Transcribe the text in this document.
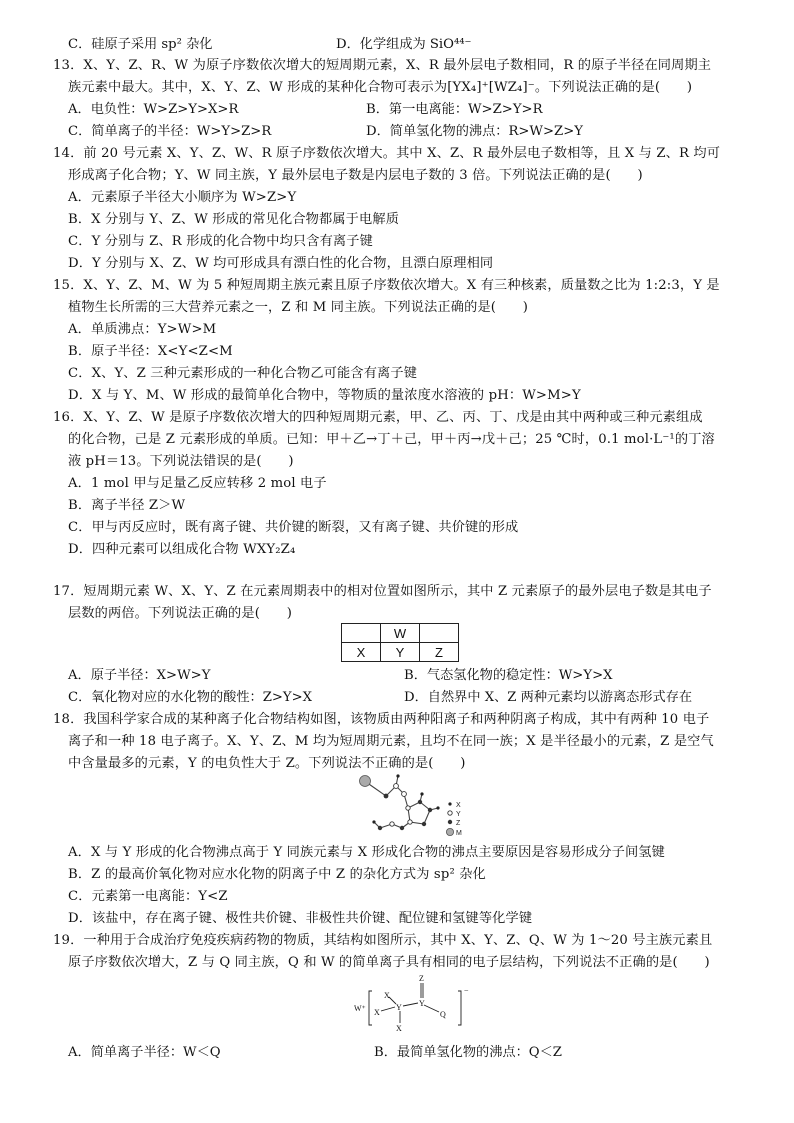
C．硅原子采用 sp² 杂化	D．化学组成为 SiO⁴⁴⁻
13．X、Y、Z、R、W 为原子序数依次增大的短周期元素，X、R 最外层电子数相同，R 的原子半径在同周期主
族元素中最大。其中，X、Y、Z、W 形成的某种化合物可表示为[YX₄]⁺[WZ₄]⁻。下列说法正确的是(　　)
A．电负性：W>Z>Y>X>R	B．第一电离能：W>Z>Y>R
C．简单离子的半径：W>Y>Z>R	D．简单氢化物的沸点：R>W>Z>Y
14．前 20 号元素 X、Y、Z、W、R 原子序数依次增大。其中 X、Z、R 最外层电子数相等，且 X 与 Z、R 均可
形成离子化合物；Y、W 同主族，Y 最外层电子数是内层电子数的 3 倍。下列说法正确的是(　　)
A．元素原子半径大小顺序为 W>Z>Y
B．X 分别与 Y、Z、W 形成的常见化合物都属于电解质
C．Y 分别与 Z、R 形成的化合物中均只含有离子键
D．Y 分别与 X、Z、W 均可形成具有漂白性的化合物，且漂白原理相同
15．X、Y、Z、M、W 为 5 种短周期主族元素且原子序数依次增大。X 有三种核素，质量数之比为 1:2:3，Y 是
植物生长所需的三大营养元素之一，Z 和 M 同主族。下列说法正确的是(　　)
A．单质沸点：Y>W>M
B．原子半径：X<Y<Z<M
C．X、Y、Z 三种元素形成的一种化合物乙可能含有离子键
D．X 与 Y、M、W 形成的最简单化合物中，等物质的量浓度水溶液的 pH：W>M>Y
16．X、Y、Z、W 是原子序数依次增大的四种短周期元素，甲、乙、丙、丁、戊是由其中两种或三种元素组成
的化合物，己是 Z 元素形成的单质。已知：甲＋乙→丁＋己，甲＋丙→戊＋己；25 ℃时，0.1 mol·L⁻¹的丁溶
液 pH＝13。下列说法错误的是(　　)
A．1 mol 甲与足量乙反应转移 2 mol 电子
B．离子半径 Z＞W
C．甲与丙反应时，既有离子键、共价键的断裂，又有离子键、共价键的形成
D．四种元素可以组成化合物 WXY₂Z₄
17．短周期元素 W、X、Y、Z 在元素周期表中的相对位置如图所示，其中 Z 元素原子的最外层电子数是其电子
层数的两倍。下列说法正确的是(　　)
	W	
X	Y	Z
A．原子半径：X>W>Y	B．气态氢化物的稳定性：W>Y>X
C．氧化物对应的水化物的酸性：Z>Y>X	D．自然界中 X、Z 两种元素均以游离态形式存在
18．我国科学家合成的某种离子化合物结构如图，该物质由两种阳离子和两种阴离子构成，其中有两种 10 电子
离子和一种 18 电子离子。X、Y、Z、M 均为短周期元素，且均不在同一族；X 是半径最小的元素，Z 是空气
中含量最多的元素，Y 的电负性大于 Z。下列说法不正确的是(　　)
X
Y
Z
M
A．X 与 Y 形成的化合物沸点高于 Y 同族元素与 X 形成化合物的沸点主要原因是容易形成分子间氢键
B．Z 的最高价氧化物对应水化物的阴离子中 Z 的杂化方式为 sp² 杂化
C．元素第一电离能：Y<Z
D．该盐中，存在离子键、极性共价键、非极性共价键、配位键和氢键等化学键
19．一种用于合成治疗免疫疾病药物的物质，其结构如图所示，其中 X、Y、Z、Q、W 为 1～20 号主族元素且
原子序数依次增大，Z 与 Q 同主族，Q 和 W 的简单离子具有相同的电子层结构，下列说法不正确的是(　　)
W⁺
X
X
Y
X
Y
Z
Q
−
A．简单离子半径：W＜Q	B．最简单氢化物的沸点：Q＜Z
